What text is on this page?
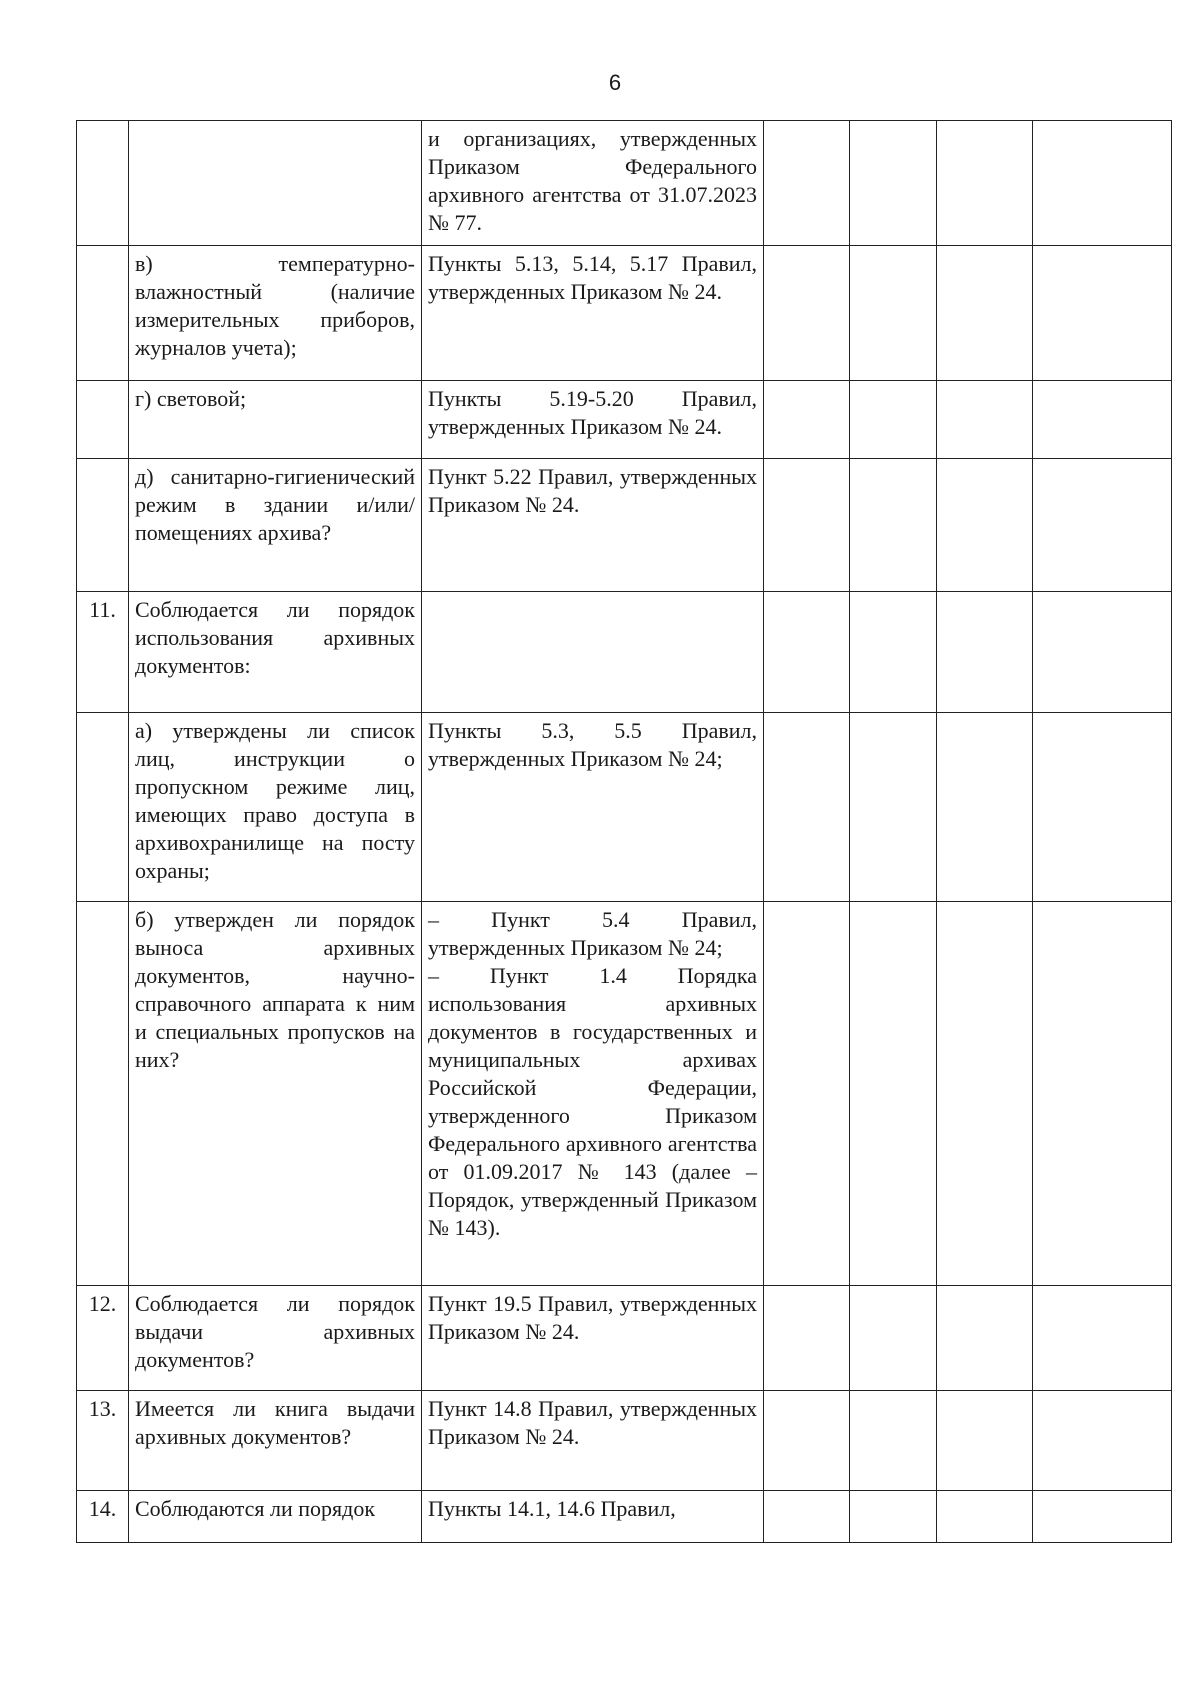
6
		и организациях, утвержденных Приказом Федерального архивного агентства от 31.07.2023 № 77.				
	в) температурно-влажностный (наличие измерительных приборов, журналов учета);	Пункты 5.13, 5.14, 5.17 Правил, утвержденных Приказом № 24.				
	г) световой;	Пункты 5.19-5.20 Правил, утвержденных Приказом № 24.				
	д) санитарно-гигиенический режим в здании и/или/ помещениях архива?	Пункт 5.22 Правил, утвержденных Приказом № 24.				
11.	Соблюдается ли порядок использования архивных документов:					
	а) утверждены ли список лиц, инструкции о пропускном режиме лиц, имеющих право доступа в архивохранилище на посту охраны;	Пункты 5.3, 5.5 Правил, утвержденных Приказом № 24;				
	б) утвержден ли порядок выноса архивных документов, научно-справочного аппарата к ним и специальных пропусков на них?	– Пункт 5.4 Правил, утвержденных Приказом № 24;
– Пункт 1.4 Порядка использования архивных документов в государственных и муниципальных архивах Российской Федерации, утвержденного Приказом Федерального архивного агентства от 01.09.2017 № 143 (далее – Порядок, утвержденный Приказом № 143).				

12.	Соблюдается ли порядок выдачи архивных документов?	Пункт 19.5 Правил, утвержденных Приказом № 24.				
13.	Имеется ли книга выдачи архивных документов?	Пункт 14.8 Правил, утвержденных Приказом № 24.				
14.	Соблюдаются ли порядок	Пункты 14.1, 14.6 Правил,				
